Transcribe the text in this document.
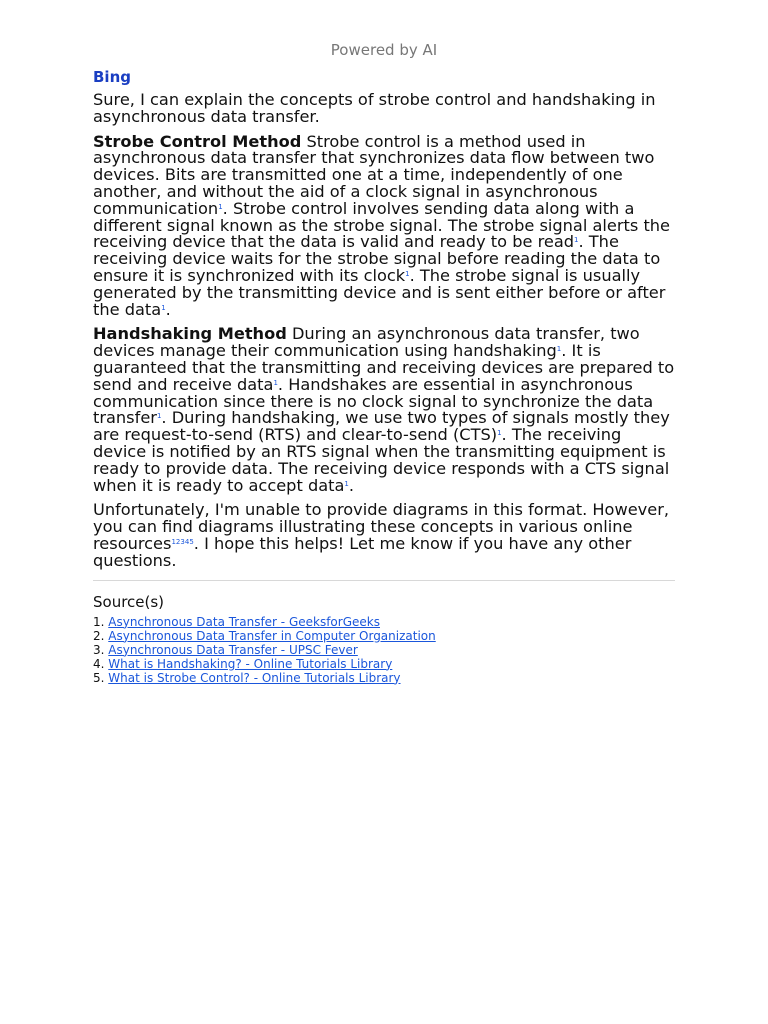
Powered by AI
Bing

Sure, I can explain the concepts of strobe control and handshaking in asynchronous data transfer.

Strobe Control Method Strobe control is a method used in asynchronous data transfer that synchronizes data flow between two devices. Bits are transmitted one at a time, independently of one another, and without the aid of a clock signal in asynchronous communication$^1$. Strobe control involves sending data along with a different signal known as the strobe signal. The strobe signal alerts the receiving device that the data is valid and ready to be read$^1$. The receiving device waits for the strobe signal before reading the data to ensure it is synchronized with its clock$^1$. The strobe signal is usually generated by the transmitting device and is sent either before or after the data$^1$.

Handshaking Method During an asynchronous data transfer, two devices manage their communication using handshaking$^1$. It is guaranteed that the transmitting and receiving devices are prepared to send and receive data$^1$. Handshakes are essential in asynchronous communication since there is no clock signal to synchronize the data transfer$^1$. During handshaking, we use two types of signals mostly they are request-to-send (RTS) and clear-to-send (CTS)$^1$. The receiving device is notified by an RTS signal when the transmitting equipment is ready to provide data. The receiving device responds with a CTS signal when it is ready to accept data$^1$.

Unfortunately, I'm unable to provide diagrams in this format. However, you can find diagrams illustrating these concepts in various online resources$^{12345}$. I hope this helps! Let me know if you have any other questions.

Source(s)
1. Asynchronous Data Transfer - GeeksforGeeks
2. Asynchronous Data Transfer in Computer Organization
3. Asynchronous Data Transfer - UPSC Fever
4. What is Handshaking? - Online Tutorials Library
5. What is Strobe Control? - Online Tutorials Library
